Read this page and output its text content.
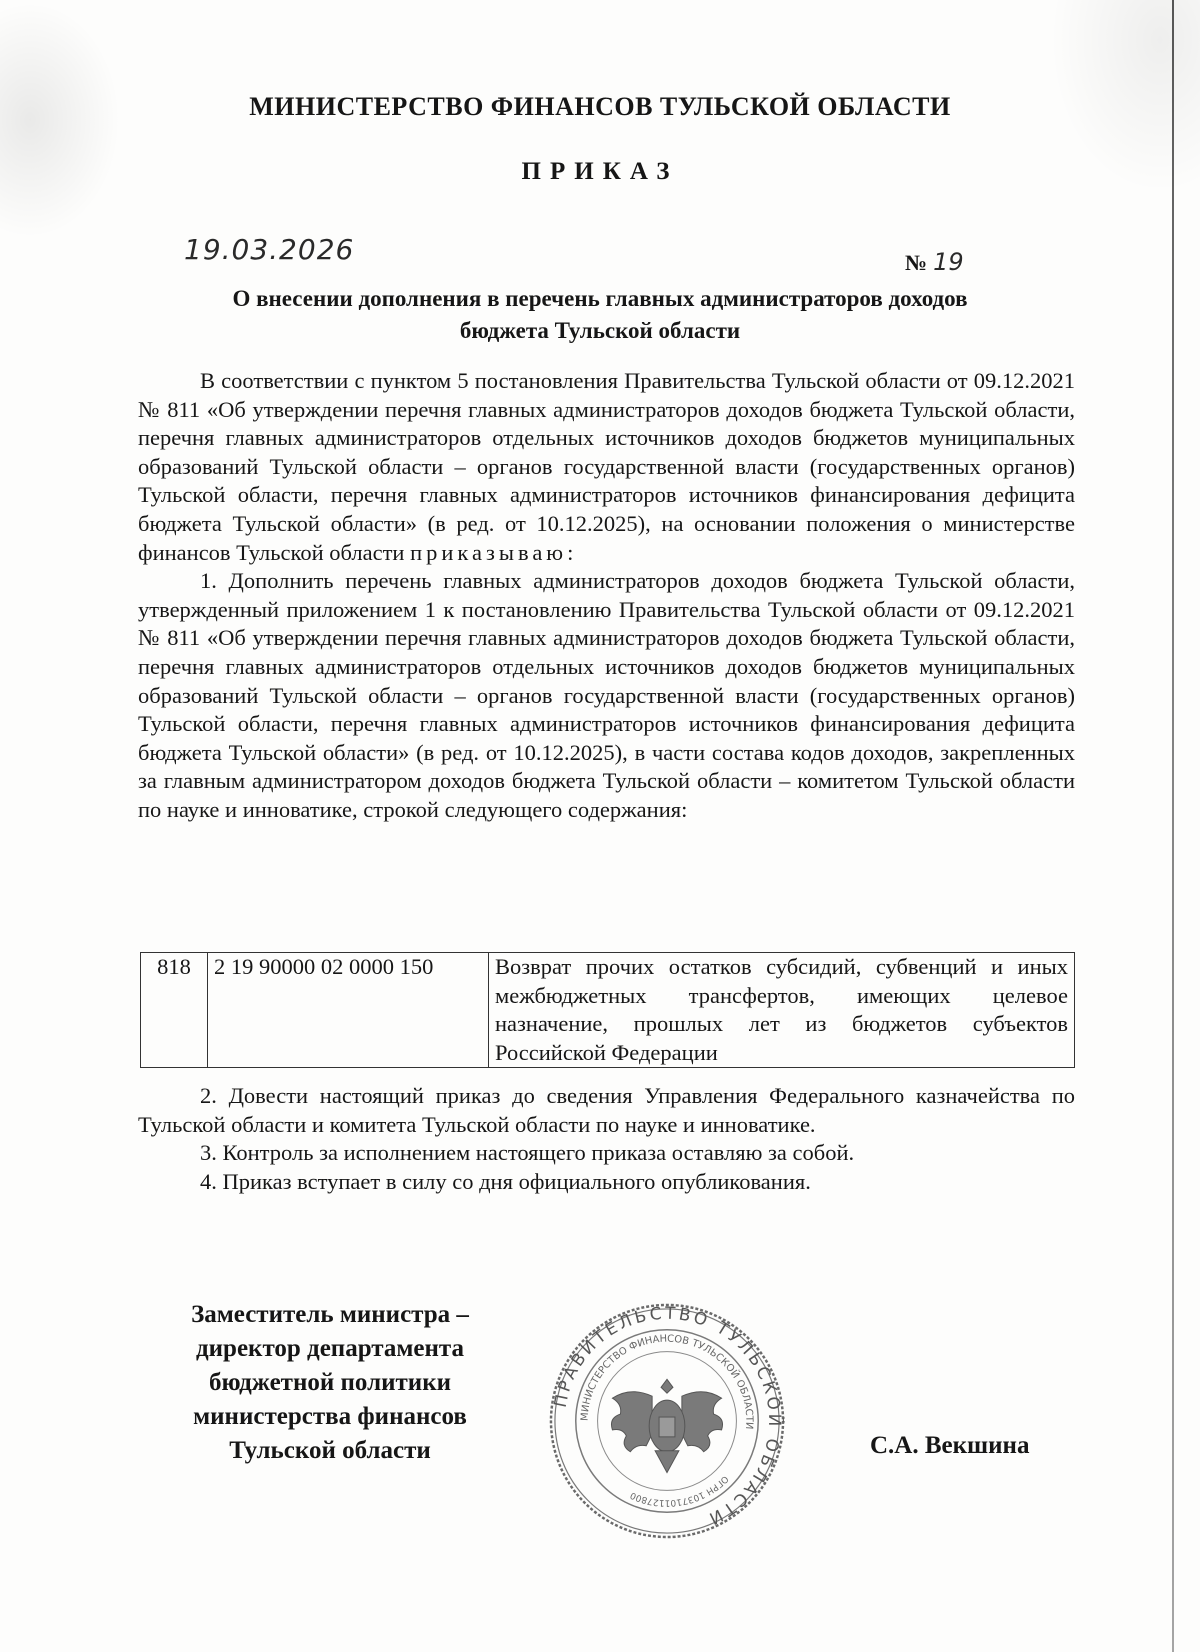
МИНИСТЕРСТВО ФИНАНСОВ ТУЛЬСКОЙ ОБЛАСТИ
ПРИКАЗ
19.03.2026	№ 19
О внесении дополнения в перечень главных администраторов доходов
бюджета Тульской области

В соответствии с пунктом 5 постановления Правительства Тульской области от 09.12.2021 № 811 «Об утверждении перечня главных администраторов доходов бюджета Тульской области, перечня главных администраторов отдельных источников доходов бюджетов муниципальных образований Тульской области – органов государственной власти (государственных органов) Тульской области, перечня главных администраторов источников финансирования дефицита бюджета Тульской области» (в ред. от 10.12.2025), на основании положения о министерстве финансов Тульской области приказываю:

1. Дополнить перечень главных администраторов доходов бюджета Тульской области, утвержденный приложением 1 к постановлению Правительства Тульской области от 09.12.2021 № 811 «Об утверждении перечня главных администраторов доходов бюджета Тульской области, перечня главных администраторов отдельных источников доходов бюджетов муниципальных образований Тульской области – органов государственной власти (государственных органов) Тульской области, перечня главных администраторов источников финансирования дефицита бюджета Тульской области» (в ред. от 10.12.2025), в части состава кодов доходов, закрепленных за главным администратором доходов бюджета Тульской области – комитетом Тульской области по науке и инноватике, строкой следующего содержания:

818	2 19 90000 02 0000 150	Возврат прочих остатков субсидий, субвенций и иных межбюджетных трансфертов, имеющих целевое назначение, прошлых лет из бюджетов субъектов Российской Федерации

2. Довести настоящий приказ до сведения Управления Федерального казначейства по Тульской области и комитета Тульской области по науке и инноватике.

3. Контроль за исполнением настоящего приказа оставляю за собой.

4. Приказ вступает в силу со дня официального опубликования.

Заместитель министра –
директор департамента
бюджетной политики
министерства финансов
Тульской области
ПРАВИТЕЛЬСТВО ТУЛЬСКОЙ ОБЛАСТИ
МИНИСТЕРСТВО ФИНАНСОВ ТУЛЬСКОЙ ОБЛАСТИ
ОГРН 1037101127800
С.А. Векшина
